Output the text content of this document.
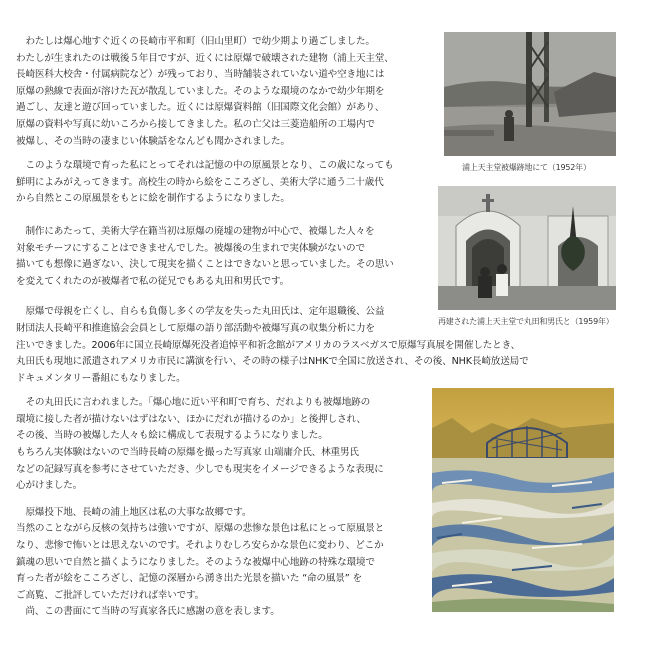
　わたしは爆心地すぐ近くの長崎市平和町（旧山里町）で幼少期より過ごしました。
わたしが生まれたのは戦後５年目ですが、近くには原爆で破壊された建物（浦上天主堂、
長崎医科大校舎・付属病院など）が残っており、当時舗装されていない道や空き地には
原爆の熱線で表面が溶けた瓦が散乱していました。そのような環境のなかで幼少年期を
過ごし、友達と遊び回っていました。近くには原爆資料館（旧国際文化会館）があり、
原爆の資料や写真に幼いころから接してきました。私の亡父は三菱造船所の工場内で
被爆し、その当時の凄まじい体験話をなんども聞かされました。
　このような環境で育った私にとってそれは記憶の中の原風景となり、この歳になっても
鮮明によみがえってきます。高校生の時から絵をこころざし、美術大学に通う二十歳代
から自然とこの原風景をもとに絵を制作するようになりました。
　制作にあたって、美術大学在籍当初は原爆の廃墟の建物が中心で、被爆した人々を
対象モチーフにすることはできませんでした。被爆後の生まれで実体験がないので
描いても想像に過ぎない、決して現実を描くことはできないと思っていました。その思い
を変えてくれたのが被爆者で私の従兄でもある丸田和男氏です。
　原爆で母親を亡くし、自らも負傷し多くの学友を失った丸田氏は、定年退職後、公益
財団法人長崎平和推進協会会員として原爆の語り部活動や被爆写真の収集分析に力を
注いできました。2006年に国立長崎原爆死没者追悼平和祈念館がアメリカのラスベガスで原爆写真展を開催したとき、
丸田氏も現地に派遣されアメリカ市民に講演を行い、その時の様子はNHKで全国に放送され、その後、NHK長崎放送局で
ドキュメンタリー番組にもなりました。
　その丸田氏に言われました。「爆心地に近い平和町で育ち、だれよりも被爆地跡の
環境に接した者が描けないはずはない、ほかにだれが描けるのか」と後押しされ、
その後、当時の被爆した人々も絵に構成して表現するようになりました。
もちろん実体験はないので当時長崎の原爆を撮った写真家 山端庸介氏、林重男氏
などの記録写真を参考にさせていただき、少しでも現実をイメージできるような表現に
心がけました。
　原爆投下地、長崎の浦上地区は私の大事な故郷です。
当然のことながら反核の気持ちは強いですが、原爆の悲惨な景色は私にとって原風景と
なり、悲惨で怖いとは思えないのです。それよりむしろ安らかな景色に変わり、どこか
鎮魂の思いで自然と描くようになりました。そのような被爆中心地跡の特殊な環境で
育った者が絵をこころざし、記憶の深層から湧き出た光景を描いた “命の風景” を
ご高覧、ご批評していただければ幸いです。
　尚、この書面にて当時の写真家各氏に感謝の意を表します。
浦上天主堂被爆跡地にて（1952年）
再建された浦上天主堂で丸田和男氏と（1959年）
